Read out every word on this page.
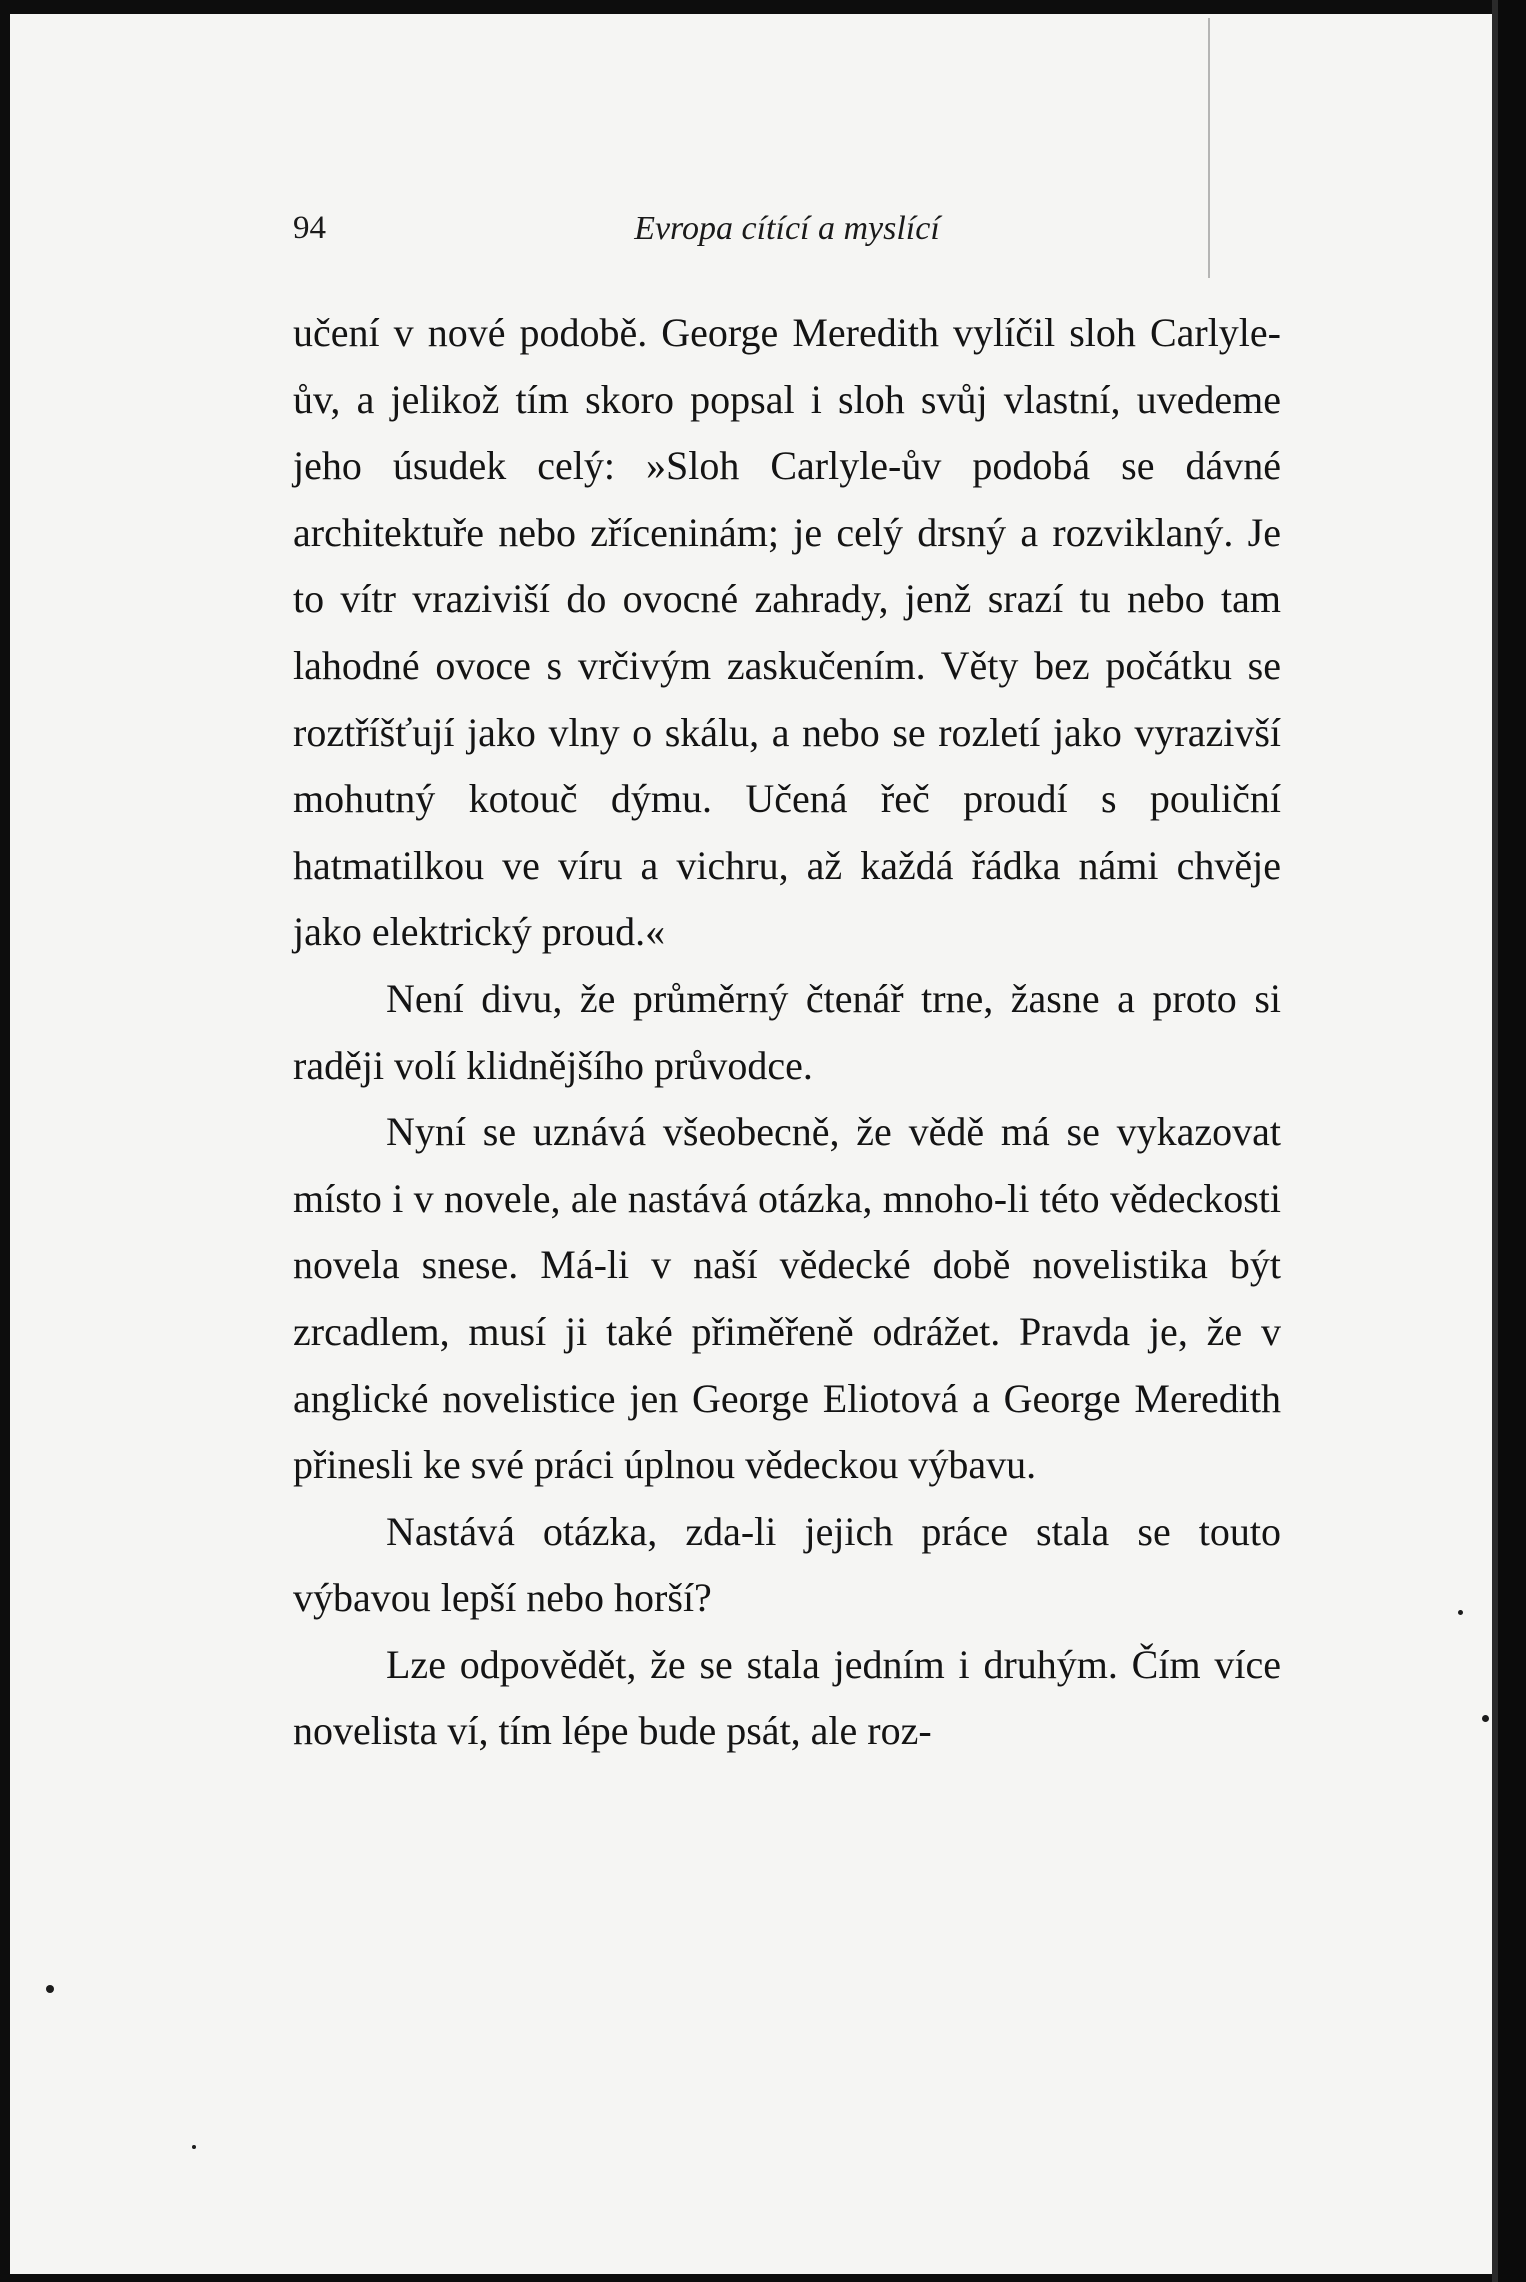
94	Evropa cítící a myslící

učení v nové podobě. George Meredith vylíčil sloh Carlyle-ův, a jelikož tím skoro popsal i sloh svůj vlastní, uvedeme jeho úsudek celý: »Sloh Carlyle-ův podobá se dávné architektuře nebo zříceninám; je celý drsný a rozviklaný. Je to vítr vraziviší do ovocné zahrady, jenž srazí tu nebo tam lahodné ovoce s vrčivým zaskučením. Věty bez počátku se roztříšťují jako vlny o skálu, a nebo se rozletí jako vyrazivší mohutný kotouč dýmu. Učená řeč proudí s pouliční hatmatilkou ve víru a vichru, až každá řádka námi chvěje jako elektrický proud.«

Není divu, že průměrný čtenář trne, žasne a proto si raději volí klidnějšího průvodce.

Nyní se uznává všeobecně, že vědě má se vykazovat místo i v novele, ale nastává otázka, mnoho-li této vědeckosti novela snese. Má-li v naší vědecké době novelistika být zrcadlem, musí ji také přiměřeně odrážet. Pravda je, že v anglické novelistice jen George Eliotová a George Meredith přinesli ke své práci úplnou vědeckou výbavu.

Nastává otázka, zda-li jejich práce stala se touto výbavou lepší nebo horší?

Lze odpovědět, že se stala jedním i druhým. Čím více novelista ví, tím lépe bude psát, ale roz-
